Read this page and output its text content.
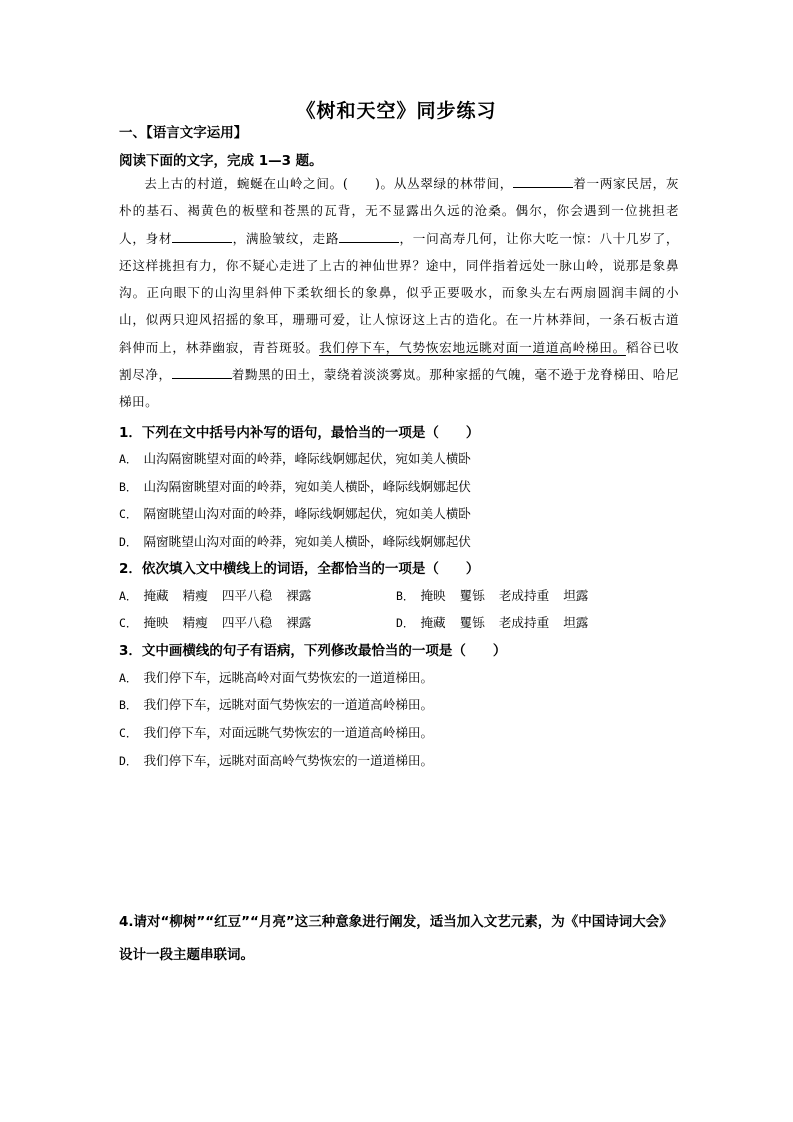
《树和天空》同步练习
一、【语言文字运用】
阅读下面的文字，完成 1—3 题。

去上古的村道，蜿蜒在山岭之间。(　　)。从丛翠绿的林带间，	着一两家民居，灰朴的基石、褐黄色的板壁和苍黑的瓦背，无不显露出久远的沧桑。偶尔，你会遇到一位挑担老人，身材	，满脸皱纹，走路	，一问高寿几何，让你大吃一惊：八十几岁了，还这样挑担有力，你不疑心走进了上古的神仙世界？途中，同伴指着远处一脉山岭，说那是象鼻沟。正向眼下的山沟里斜伸下柔软细长的象鼻，似乎正要吸水，而象头左右两扇圆润丰阔的小山，似两只迎风招摇的象耳，珊珊可爱，让人惊讶这上古的造化。在一片林莽间，一条石板古道斜伸而上，林莽幽寂，青苔斑驳。我们停下车，气势恢宏地远眺对面一道道高岭梯田。稻谷已收割尽净，	着黝黑的田土，蒙绕着淡淡雾岚。那种家摇的气魄，毫不逊于龙脊梯田、哈尼梯田。

1．下列在文中括号内补写的语句，最恰当的一项是（　　）
A． 山沟隔窗眺望对面的岭莽，峰际线婀娜起伏，宛如美人横卧
B． 山沟隔窗眺望对面的岭莽，宛如美人横卧，峰际线婀娜起伏
C． 隔窗眺望山沟对面的岭莽，峰际线婀娜起伏，宛如美人横卧
D． 隔窗眺望山沟对面的岭莽，宛如美人横卧，峰际线婀娜起伏
2．依次填入文中横线上的词语，全都恰当的一项是（　　）
A． 掩藏 精瘦 四平八稳 裸露	B． 掩映 矍铄 老成持重 坦露
C． 掩映 精瘦 四平八稳 裸露	D． 掩藏 矍铄 老成持重 坦露
3．文中画横线的句子有语病，下列修改最恰当的一项是（　　）
A． 我们停下车，远眺高岭对面气势恢宏的一道道梯田。
B． 我们停下车，远眺对面气势恢宏的一道道高岭梯田。
C． 我们停下车，对面远眺气势恢宏的一道道高岭梯田。
D． 我们停下车，远眺对面高岭气势恢宏的一道道梯田。
4.请对“柳树”“红豆”“月亮”这三种意象进行阐发，适当加入文艺元素，为《中国诗词大会》设计一段主题串联词。
